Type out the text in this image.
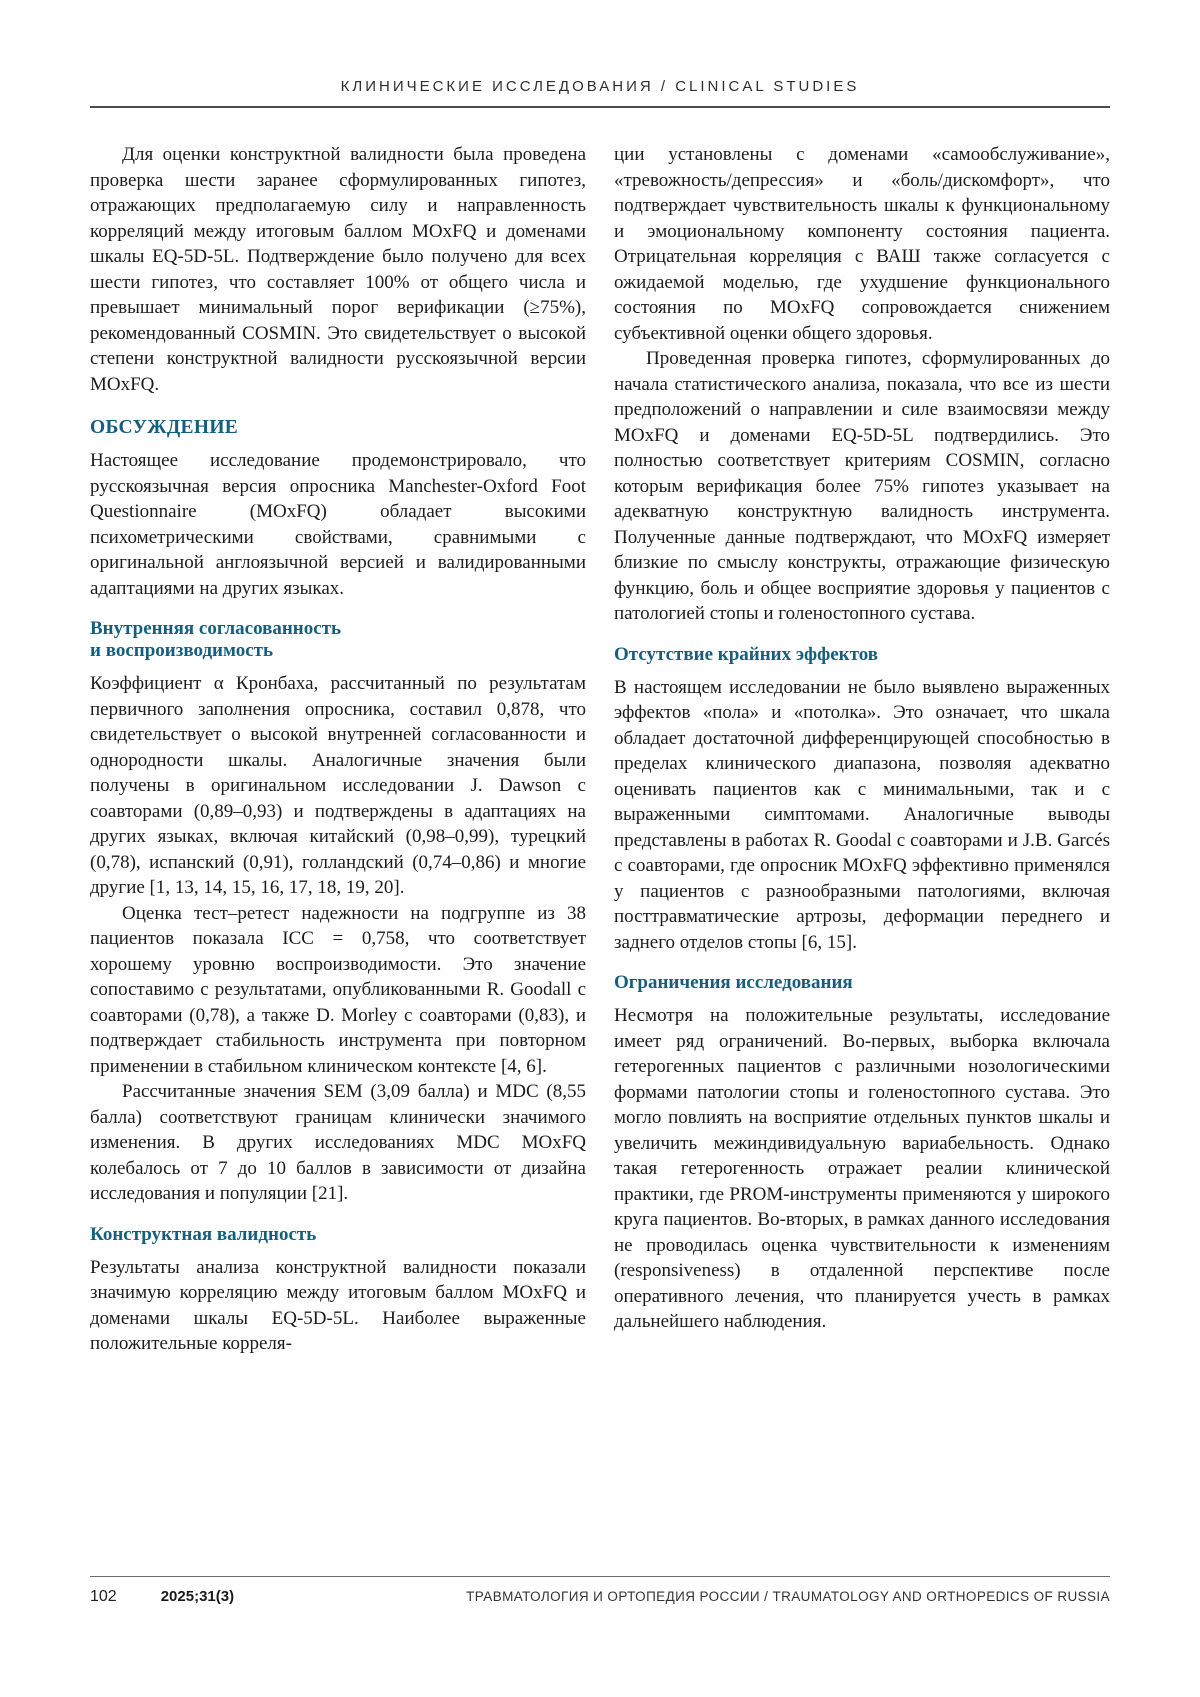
КЛИНИЧЕСКИЕ ИССЛЕДОВАНИЯ / CLINICAL STUDIES

Для оценки конструктной валидности была проведена проверка шести заранее сформулированных гипотез, отражающих предполагаемую силу и направленность корреляций между итоговым баллом MOxFQ и доменами шкалы EQ-5D-5L. Подтверждение было получено для всех шести гипотез, что составляет 100% от общего числа и превышает минимальный порог верификации (≥75%), рекомендованный COSMIN. Это свидетельствует о высокой степени конструктной валидности русскоязычной версии MOxFQ.

ОБСУЖДЕНИЕ

Настоящее исследование продемонстрировало, что русскоязычная версия опросника Manchester-Oxford Foot Questionnaire (MOxFQ) обладает высокими психометрическими свойствами, сравнимыми с оригинальной англоязычной версией и валидированными адаптациями на других языках.

Внутренняя согласованность
и воспроизводимость

Коэффициент α Кронбаха, рассчитанный по результатам первичного заполнения опросника, составил 0,878, что свидетельствует о высокой внутренней согласованности и однородности шкалы. Аналогичные значения были получены в оригинальном исследовании J. Dawson с соавторами (0,89–0,93) и подтверждены в адаптациях на других языках, включая китайский (0,98–0,99), турецкий (0,78), испанский (0,91), голландский (0,74–0,86) и многие другие [1, 13, 14, 15, 16, 17, 18, 19, 20].

Оценка тест–ретест надежности на подгруппе из 38 пациентов показала ICC = 0,758, что соответствует хорошему уровню воспроизводимости. Это значение сопоставимо с результатами, опубликованными R. Goodall с соавторами (0,78), а также D. Morley с соавторами (0,83), и подтверждает стабильность инструмента при повторном применении в стабильном клиническом контексте [4, 6].

Рассчитанные значения SEM (3,09 балла) и MDC (8,55 балла) соответствуют границам клинически значимого изменения. В других исследованиях MDC MOxFQ колебалось от 7 до 10 баллов в зависимости от дизайна исследования и популяции [21].

Конструктная валидность

Результаты анализа конструктной валидности показали значимую корреляцию между итоговым баллом MOxFQ и доменами шкалы EQ-5D-5L. Наиболее выраженные положительные корреля-

ции установлены с доменами «самообслуживание», «тревожность/депрессия» и «боль/дискомфорт», что подтверждает чувствительность шкалы к функциональному и эмоциональному компоненту состояния пациента. Отрицательная корреляция с ВАШ также согласуется с ожидаемой моделью, где ухудшение функционального состояния по MOxFQ сопровождается снижением субъективной оценки общего здоровья.

Проведенная проверка гипотез, сформулированных до начала статистического анализа, показала, что все из шести предположений о направлении и силе взаимосвязи между MOxFQ и доменами EQ-5D-5L подтвердились. Это полностью соответствует критериям COSMIN, согласно которым верификация более 75% гипотез указывает на адекватную конструктную валидность инструмента. Полученные данные подтверждают, что MOxFQ измеряет близкие по смыслу конструкты, отражающие физическую функцию, боль и общее восприятие здоровья у пациентов с патологией стопы и голеностопного сустава.

Отсутствие крайних эффектов

В настоящем исследовании не было выявлено выраженных эффектов «пола» и «потолка». Это означает, что шкала обладает достаточной дифференцирующей способностью в пределах клинического диапазона, позволяя адекватно оценивать пациентов как с минимальными, так и с выраженными симптомами. Аналогичные выводы представлены в работах R. Goodal с соавторами и J.B. Garcés с соавторами, где опросник MOxFQ эффективно применялся у пациентов с разнообразными патологиями, включая посттравматические артрозы, деформации переднего и заднего отделов стопы [6, 15].

Ограничения исследования

Несмотря на положительные результаты, исследование имеет ряд ограничений. Во-первых, выборка включала гетерогенных пациентов с различными нозологическими формами патологии стопы и голеностопного сустава. Это могло повлиять на восприятие отдельных пунктов шкалы и увеличить межиндивидуальную вариабельность. Однако такая гетерогенность отражает реалии клинической практики, где PROM-инструменты применяются у широкого круга пациентов. Во-вторых, в рамках данного исследования не проводилась оценка чувствительности к изменениям (responsiveness) в отдаленной перспективе после оперативного лечения, что планируется учесть в рамках дальнейшего наблюдения.

102	2025;31(3)	ТРАВМАТОЛОГИЯ И ОРТОПЕДИЯ РОССИИ / TRAUMATOLOGY AND ORTHOPEDICS OF RUSSIA
